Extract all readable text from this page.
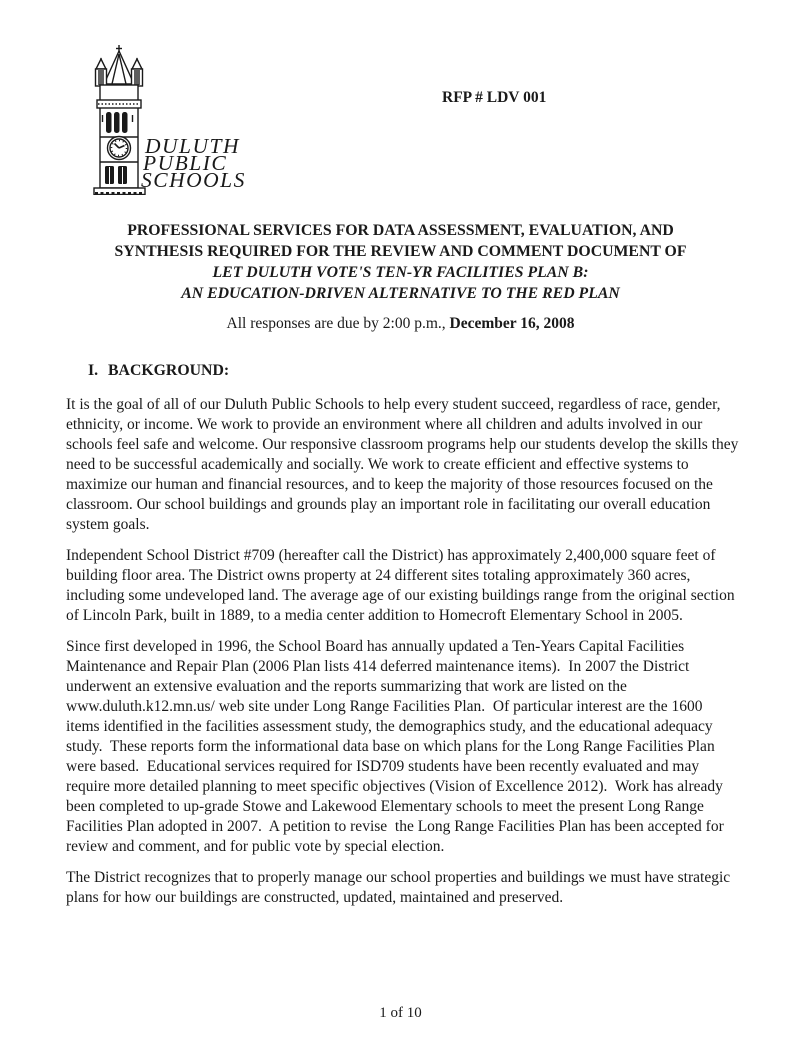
DULUTH
PUBLIC
SCHOOLS
RFP # LDV 001
PROFESSIONAL SERVICES FOR DATA ASSESSMENT, EVALUATION, AND
SYNTHESIS REQUIRED FOR THE REVIEW AND COMMENT DOCUMENT OF
LET DULUTH VOTE'S TEN-YR FACILITIES PLAN B:
AN EDUCATION-DRIVEN ALTERNATIVE TO THE RED PLAN
All responses are due by 2:00 p.m., December 16, 2008
I. BACKGROUND:

It is the goal of all of our Duluth Public Schools to help every student succeed, regardless of race, gender, ethnicity, or income. We work to provide an environment where all children and adults involved in our schools feel safe and welcome. Our responsive classroom programs help our students develop the skills they need to be successful academically and socially. We work to create efficient and effective systems to maximize our human and financial resources, and to keep the majority of those resources focused on the classroom. Our school buildings and grounds play an important role in facilitating our overall education system goals.

Independent School District #709 (hereafter call the District) has approximately 2,400,000 square feet of building floor area. The District owns property at 24 different sites totaling approximately 360 acres, including some undeveloped land. The average age of our existing buildings range from the original section of Lincoln Park, built in 1889, to a media center addition to Homecroft Elementary School in 2005.

Since first developed in 1996, the School Board has annually updated a Ten-Years Capital Facilities Maintenance and Repair Plan (2006 Plan lists 414 deferred maintenance items).  In 2007 the District underwent an extensive evaluation and the reports summarizing that work are listed on the www.duluth.k12.mn.us/ web site under Long Range Facilities Plan.  Of particular interest are the 1600 items identified in the facilities assessment study, the demographics study, and the educational adequacy study.  These reports form the informational data base on which plans for the Long Range Facilities Plan were based.  Educational services required for ISD709 students have been recently evaluated and may require more detailed planning to meet specific objectives (Vision of Excellence 2012).  Work has already been completed to up-grade Stowe and Lakewood Elementary schools to meet the present Long Range Facilities Plan adopted in 2007.  A petition to revise  the Long Range Facilities Plan has been accepted for review and comment, and for public vote by special election.

The District recognizes that to properly manage our school properties and buildings we must have strategic plans for how our buildings are constructed, updated, maintained and preserved.

1 of 10
